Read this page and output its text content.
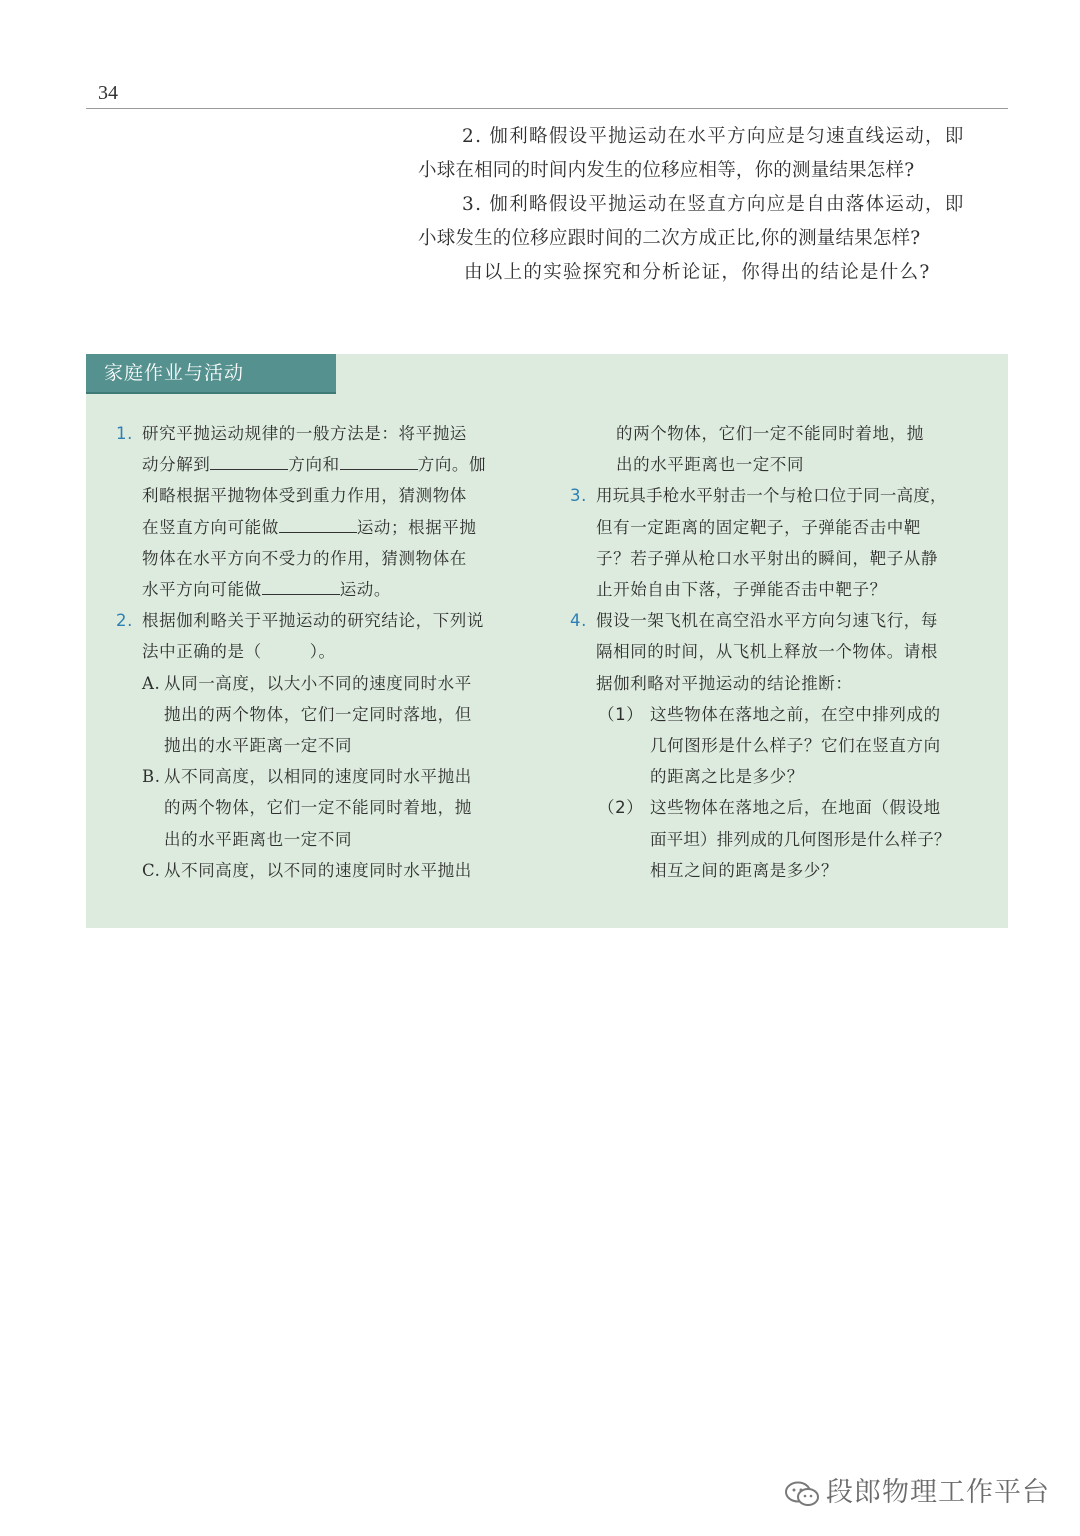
34

2. 伽利略假设平抛运动在水平方向应是匀速直线运动，即

小球在相同的时间内发生的位移应相等，你的测量结果怎样?

3. 伽利略假设平抛运动在竖直方向应是自由落体运动，即

小球发生的位移应跟时间的二次方成正比,你的测量结果怎样?

由以上的实验探究和分析论证，你得出的结论是什么?

家庭作业与活动
1. 研究平抛运动规律的一般方法是：将平抛运
动分解到	方向和	方向。伽
利略根据平抛物体受到重力作用，猜测物体
在竖直方向可能做	运动；根据平抛
物体在水平方向不受力的作用，猜测物体在
水平方向可能做	运动。
2. 根据伽利略关于平抛运动的研究结论，下列说
法中正确的是（	）。
A. 从同一高度，以大小不同的速度同时水平
抛出的两个物体，它们一定同时落地，但
抛出的水平距离一定不同
B. 从不同高度，以相同的速度同时水平抛出
的两个物体，它们一定不能同时着地，抛
出的水平距离也一定不同
C. 从不同高度，以不同的速度同时水平抛出
的两个物体，它们一定不能同时着地，抛
出的水平距离也一定不同
3. 用玩具手枪水平射击一个与枪口位于同一高度，
但有一定距离的固定靶子，子弹能否击中靶
子？若子弹从枪口水平射出的瞬间，靶子从静
止开始自由下落，子弹能否击中靶子？
4. 假设一架飞机在高空沿水平方向匀速飞行，每
隔相同的时间，从飞机上释放一个物体。请根
据伽利略对平抛运动的结论推断：
（1） 这些物体在落地之前，在空中排列成的
几何图形是什么样子？它们在竖直方向
的距离之比是多少？
（2） 这些物体在落地之后，在地面（假设地
面平坦）排列成的几何图形是什么样子？
相互之间的距离是多少？
段郎物理工作平台
